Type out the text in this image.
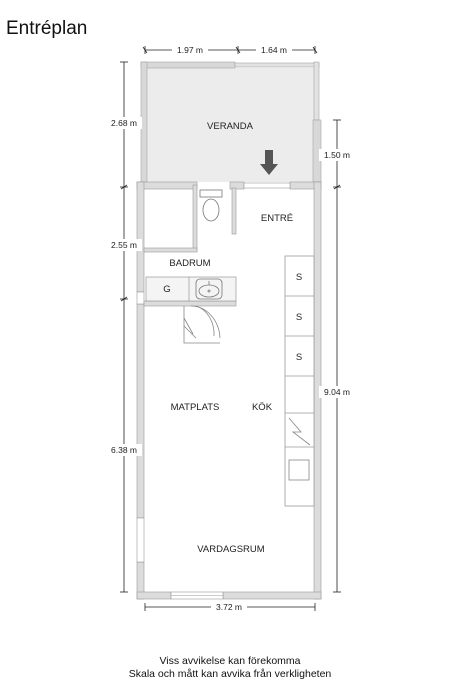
Entréplan
VERANDA
ENTRÉ
BADRUM
MATPLATS	KÖK
VARDAGSRUM
G
S
S
S
1.97 m	1.64 m
2.68 m
2.55 m
6.38 m
1.50 m
9.04 m
3.72 m
Viss avvikelse kan förekomma
Skala och mått kan avvika från verkligheten
